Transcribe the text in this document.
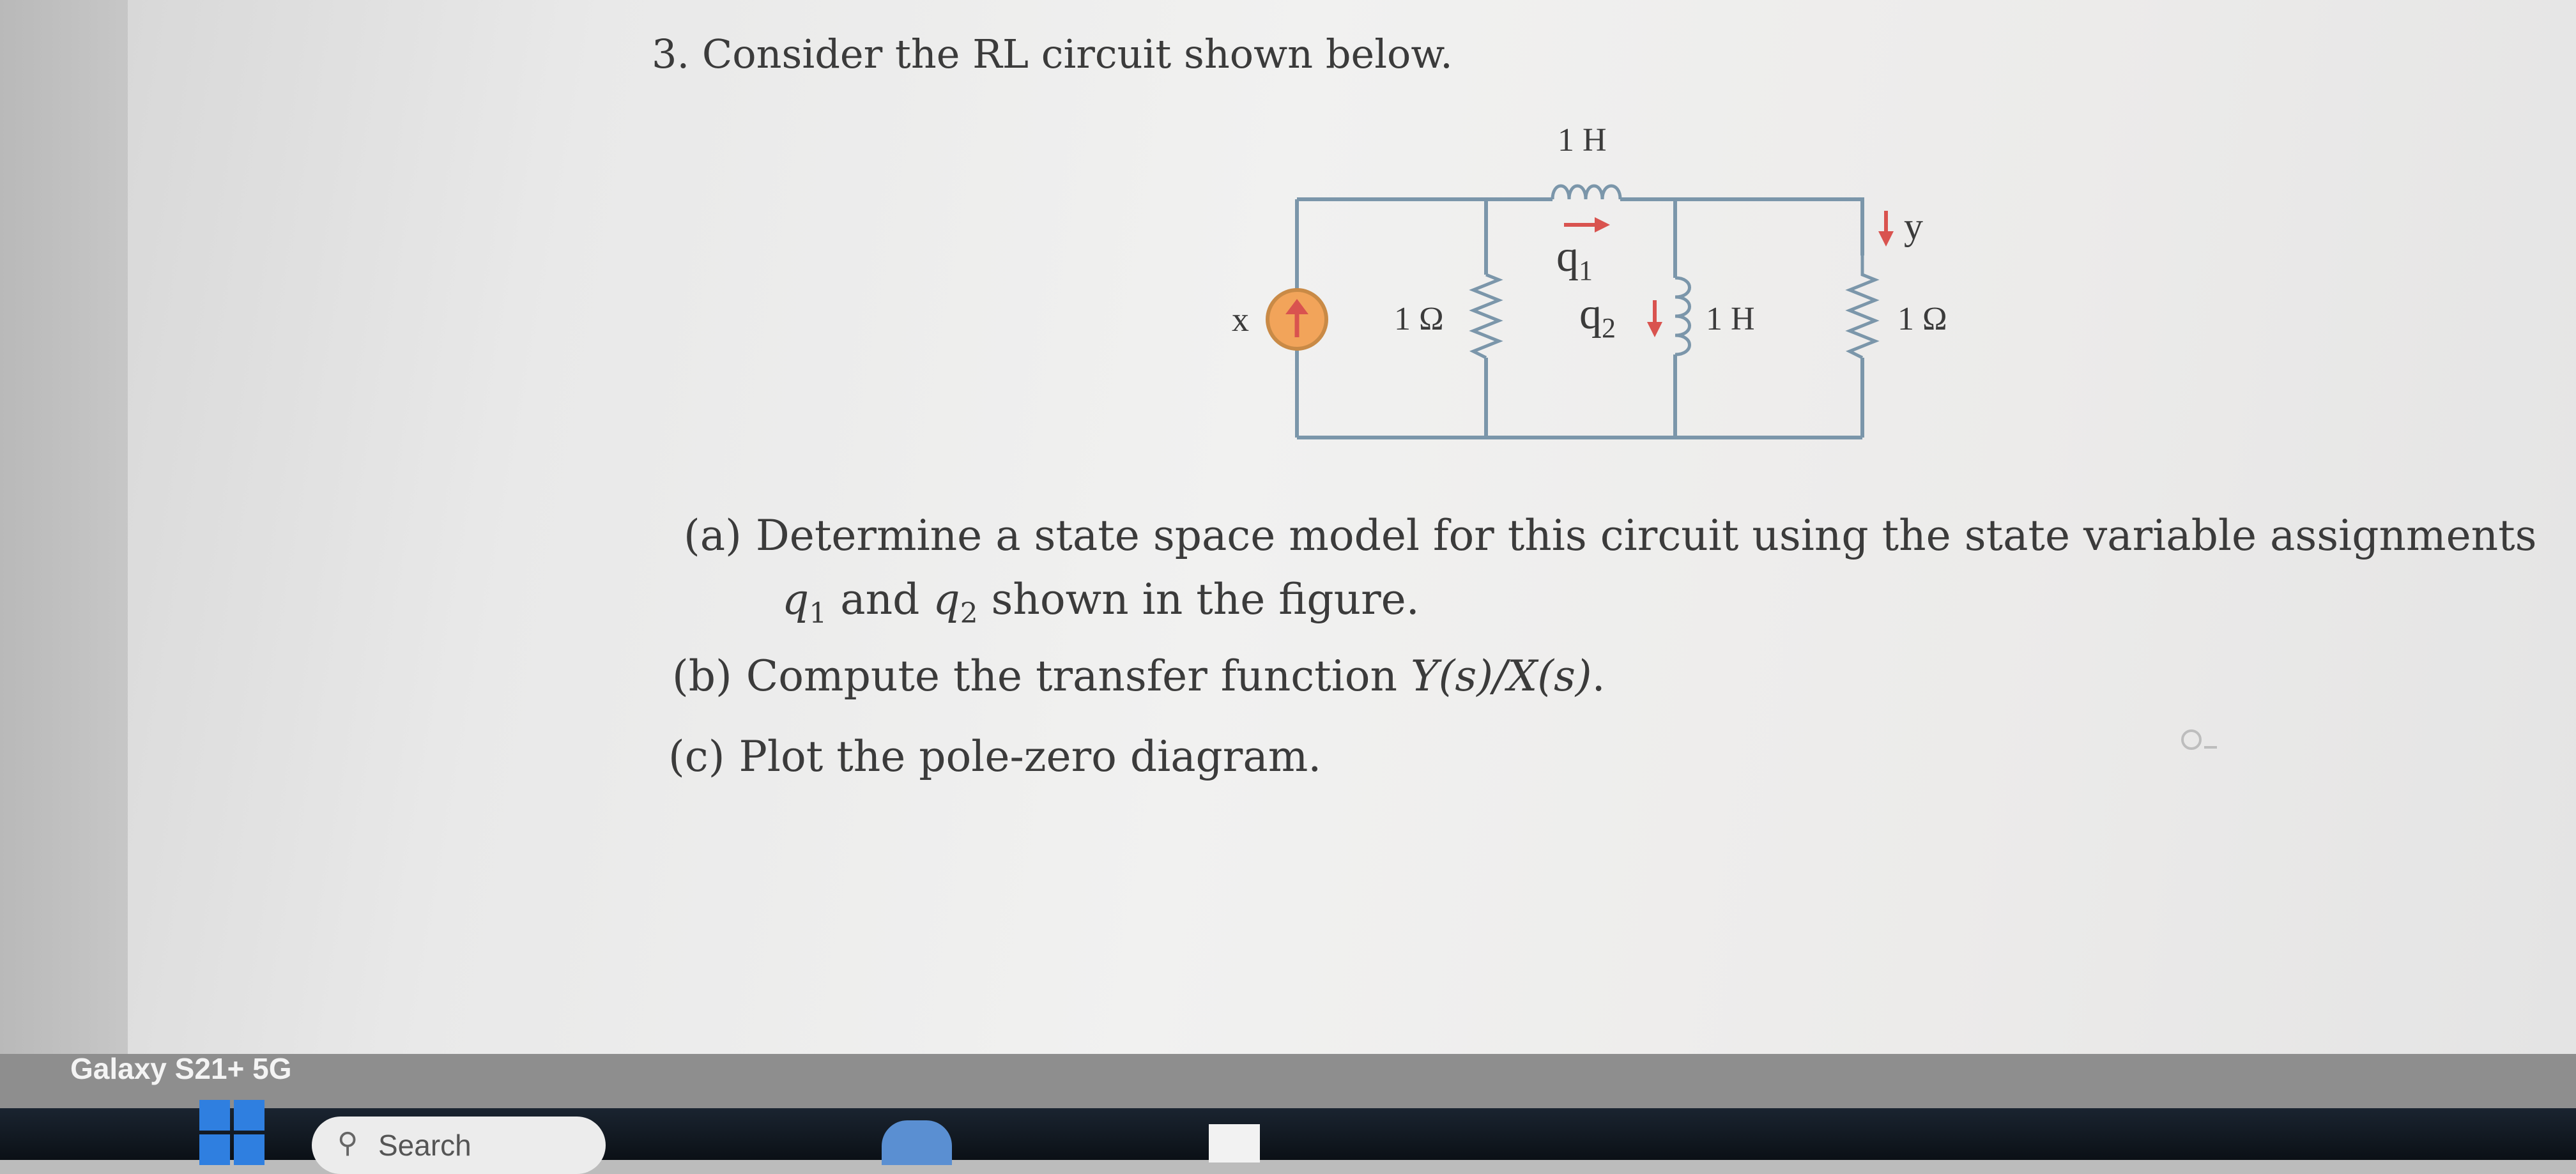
3. Consider the RL circuit shown below.
x	1 Ω
1 H
$q_1$
$q_2$	1 H
y
1 Ω
(a) Determine a state space model for this circuit using the state variable assignments
$q_1$ and $q_2$ shown in the figure.
(b) Compute the transfer function Y(s)/X(s).
(c) Plot the pole-zero diagram.
Galaxy S21+ 5G
⚲ Search
